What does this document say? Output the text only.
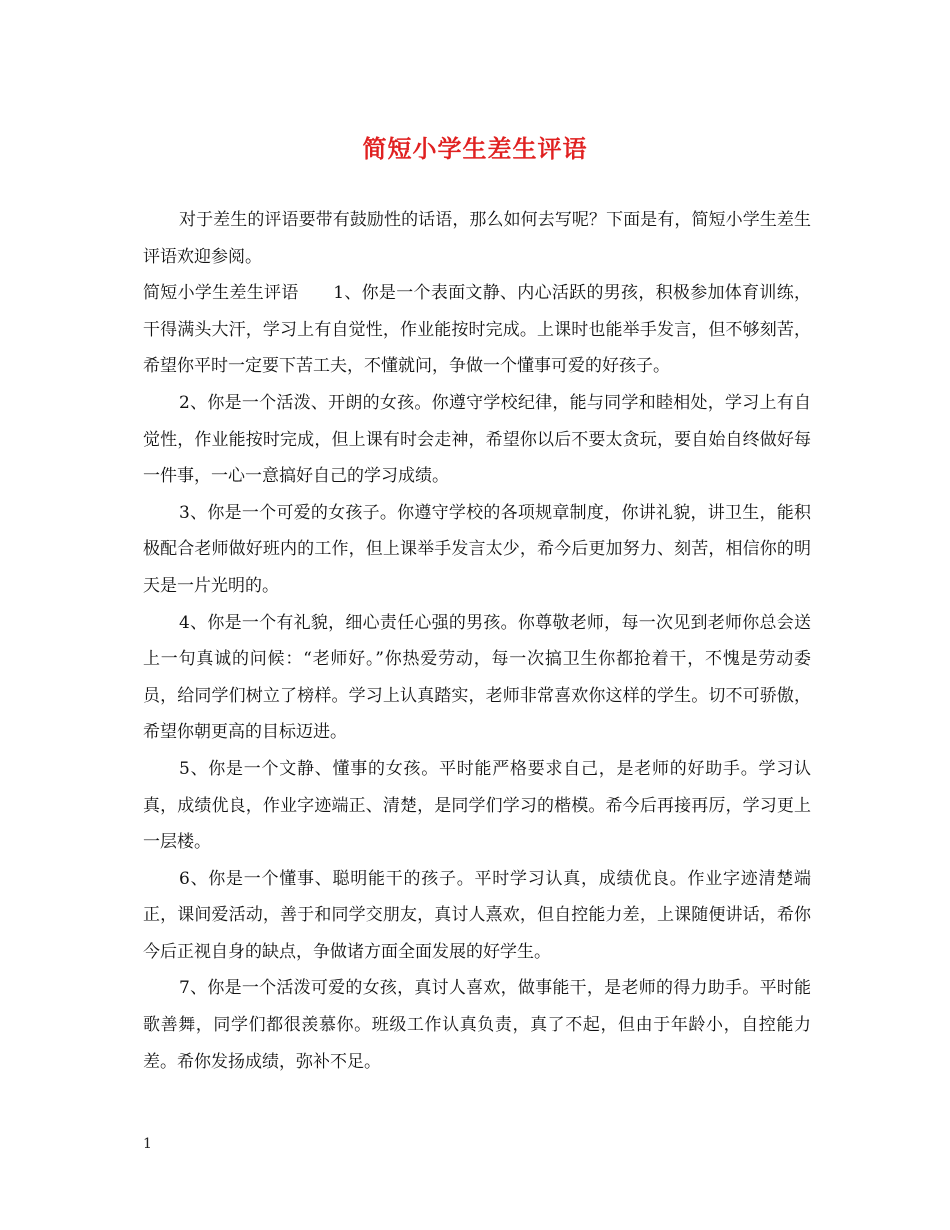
简短小学生差生评语

对于差生的评语要带有鼓励性的话语，那么如何去写呢？下面是有，简短小学生差生评语欢迎参阅。

简短小学生差生评语　　1、你是一个表面文静、内心活跃的男孩，积极参加体育训练，干得满头大汗，学习上有自觉性，作业能按时完成。上课时也能举手发言，但不够刻苦，希望你平时一定要下苦工夫，不懂就问，争做一个懂事可爱的好孩子。

2、你是一个活泼、开朗的女孩。你遵守学校纪律，能与同学和睦相处，学习上有自觉性，作业能按时完成，但上课有时会走神，希望你以后不要太贪玩，要自始自终做好每一件事，一心一意搞好自己的学习成绩。

3、你是一个可爱的女孩子。你遵守学校的各项规章制度，你讲礼貌，讲卫生，能积极配合老师做好班内的工作，但上课举手发言太少，希今后更加努力、刻苦，相信你的明天是一片光明的。

4、你是一个有礼貌，细心责任心强的男孩。你尊敬老师，每一次见到老师你总会送上一句真诚的问候：“老师好。”你热爱劳动，每一次搞卫生你都抢着干，不愧是劳动委员，给同学们树立了榜样。学习上认真踏实，老师非常喜欢你这样的学生。切不可骄傲，希望你朝更高的目标迈进。

5、你是一个文静、懂事的女孩。平时能严格要求自己，是老师的好助手。学习认真，成绩优良，作业字迹端正、清楚，是同学们学习的楷模。希今后再接再厉，学习更上一层楼。

6、你是一个懂事、聪明能干的孩子。平时学习认真，成绩优良。作业字迹清楚端正，课间爱活动，善于和同学交朋友，真讨人熹欢，但自控能力差，上课随便讲话，希你今后正视自身的缺点，争做诸方面全面发展的好学生。

7、你是一个活泼可爱的女孩，真讨人喜欢，做事能干，是老师的得力助手。平时能歌善舞，同学们都很羡慕你。班级工作认真负责，真了不起，但由于年龄小，自控能力差。希你发扬成绩，弥补不足。

1
